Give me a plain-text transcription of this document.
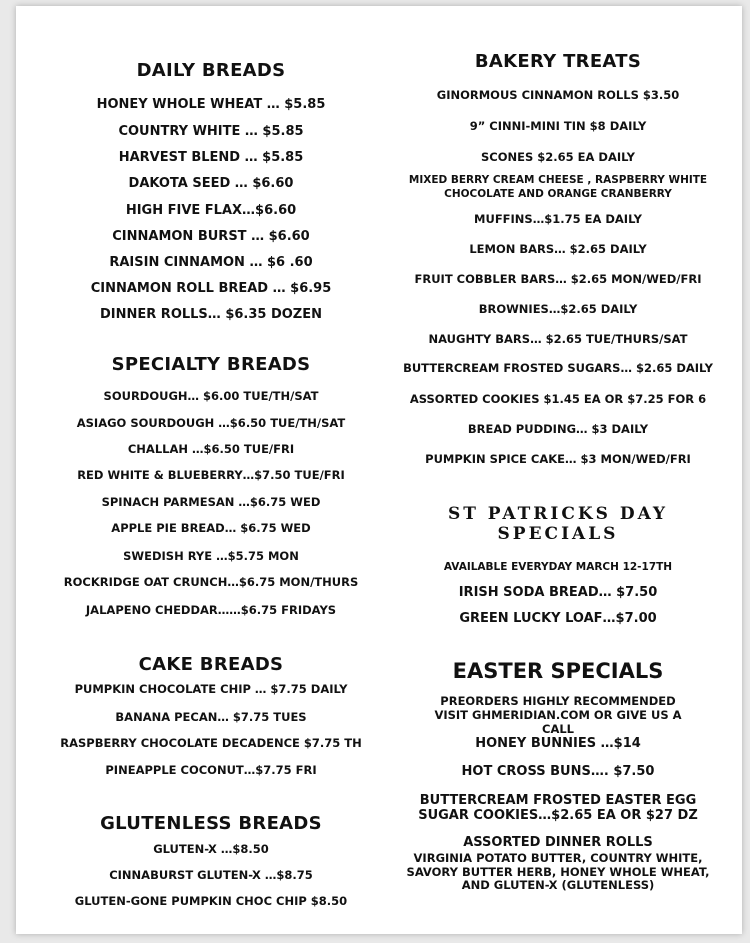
DAILY BREADS
HONEY WHOLE WHEAT … $5.85
COUNTRY WHITE … $5.85
HARVEST BLEND … $5.85
DAKOTA SEED … $6.60
HIGH FIVE FLAX…$6.60
CINNAMON BURST … $6.60
RAISIN CINNAMON … $6 .60
CINNAMON ROLL BREAD … $6.95
DINNER ROLLS… $6.35 DOZEN
SPECIALTY BREADS
SOURDOUGH… $6.00 TUE/TH/SAT
ASIAGO SOURDOUGH …$6.50 TUE/TH/SAT
CHALLAH …$6.50 TUE/FRI
RED WHITE & BLUEBERRY…$7.50 TUE/FRI
SPINACH PARMESAN …$6.75 WED
APPLE PIE BREAD… $6.75 WED
SWEDISH RYE …$5.75 MON
ROCKRIDGE OAT CRUNCH…$6.75 MON/THURS
JALAPENO CHEDDAR……$6.75 FRIDAYS
CAKE BREADS
PUMPKIN CHOCOLATE CHIP … $7.75 DAILY
BANANA PECAN… $7.75 TUES
RASPBERRY CHOCOLATE DECADENCE $7.75 TH
PINEAPPLE COCONUT…$7.75 FRI
GLUTENLESS BREADS
GLUTEN-X …$8.50
CINNABURST GLUTEN-X …$8.75
GLUTEN-GONE PUMPKIN CHOC CHIP $8.50
BAKERY TREATS
GINORMOUS CINNAMON ROLLS $3.50
9” CINNI-MINI TIN $8 DAILY
SCONES $2.65 EA DAILY
MIXED BERRY CREAM CHEESE , RASPBERRY WHITE CHOCOLATE AND ORANGE CRANBERRY
MUFFINS…$1.75 EA DAILY
LEMON BARS… $2.65 DAILY
FRUIT COBBLER BARS… $2.65 MON/WED/FRI
BROWNIES…$2.65 DAILY
NAUGHTY BARS… $2.65 TUE/THURS/SAT
BUTTERCREAM FROSTED SUGARS… $2.65 DAILY
ASSORTED COOKIES $1.45 EA OR $7.25 FOR 6
BREAD PUDDING… $3 DAILY
PUMPKIN SPICE CAKE… $3 MON/WED/FRI
ST PATRICKS DAY SPECIALS
AVAILABLE EVERYDAY MARCH 12-17TH
IRISH SODA BREAD… $7.50
GREEN LUCKY LOAF…$7.00
EASTER SPECIALS
PREORDERS HIGHLY RECOMMENDED VISIT GHMERIDIAN.COM OR GIVE US A CALL
HONEY BUNNIES …$14
HOT CROSS BUNS…. $7.50
BUTTERCREAM FROSTED EASTER EGG SUGAR COOKIES…$2.65 EA OR $27 DZ
ASSORTED DINNER ROLLS
VIRGINIA POTATO BUTTER, COUNTRY WHITE, SAVORY BUTTER HERB, HONEY WHOLE WHEAT, AND GLUTEN-X (GLUTENLESS)
